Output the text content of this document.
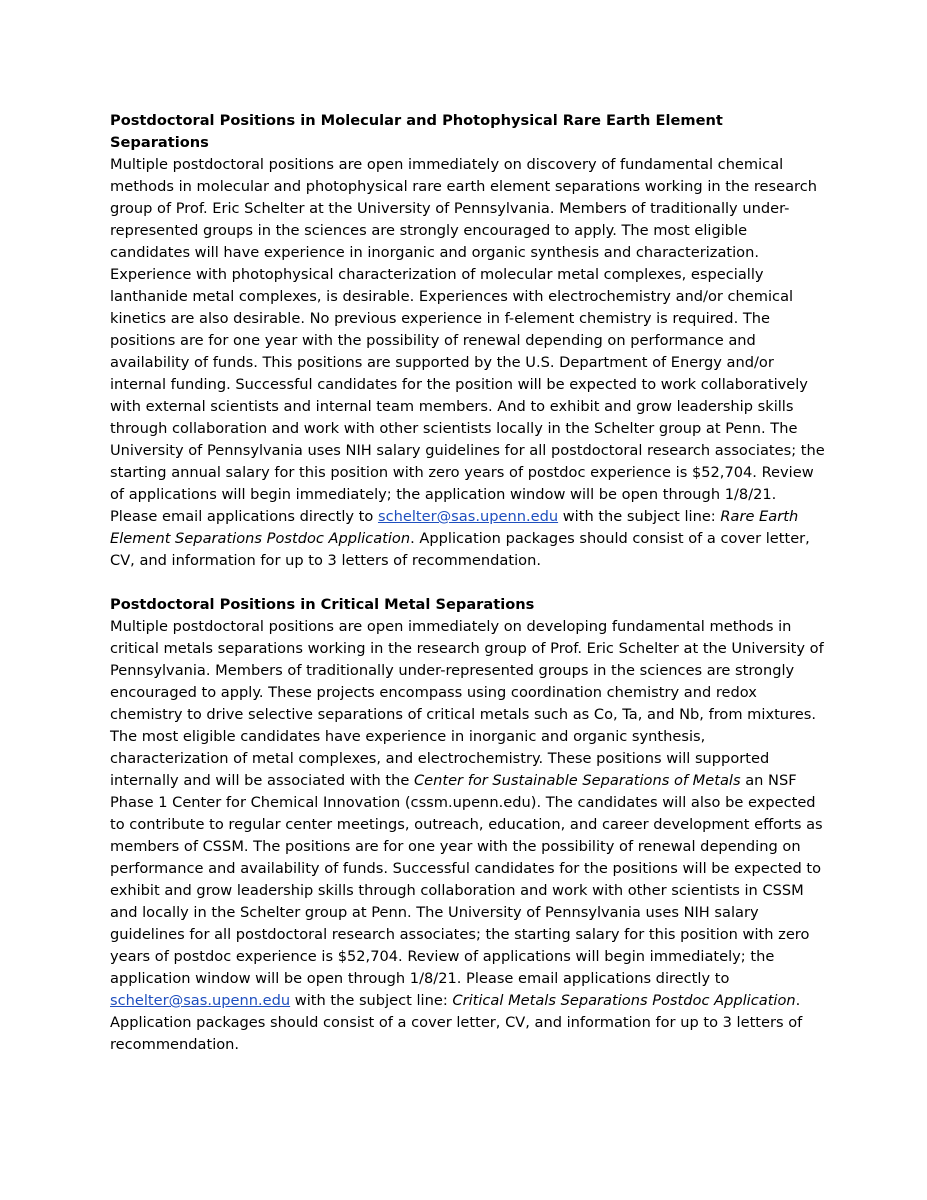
Postdoctoral Positions in Molecular and Photophysical Rare Earth Element Separations
Multiple postdoctoral positions are open immediately on discovery of fundamental chemical methods in molecular and photophysical rare earth element separations working in the research group of Prof. Eric Schelter at the University of Pennsylvania. Members of traditionally under-represented groups in the sciences are strongly encouraged to apply. The most eligible candidates will have experience in inorganic and organic synthesis and characterization. Experience with photophysical characterization of molecular metal complexes, especially lanthanide metal complexes, is desirable. Experiences with electrochemistry and/or chemical kinetics are also desirable. No previous experience in f-element chemistry is required. The positions are for one year with the possibility of renewal depending on performance and availability of funds. This positions are supported by the U.S. Department of Energy and/or internal funding. Successful candidates for the position will be expected to work collaboratively with external scientists and internal team members. And to exhibit and grow leadership skills through collaboration and work with other scientists locally in the Schelter group at Penn. The University of Pennsylvania uses NIH salary guidelines for all postdoctoral research associates; the starting annual salary for this position with zero years of postdoc experience is $52,704. Review of applications will begin immediately; the application window will be open through 1/8/21. Please email applications directly to schelter@sas.upenn.edu with the subject line: Rare Earth Element Separations Postdoc Application. Application packages should consist of a cover letter, CV, and information for up to 3 letters of recommendation.

Postdoctoral Positions in Critical Metal Separations
Multiple postdoctoral positions are open immediately on developing fundamental methods in critical metals separations working in the research group of Prof. Eric Schelter at the University of Pennsylvania. Members of traditionally under-represented groups in the sciences are strongly encouraged to apply. These projects encompass using coordination chemistry and redox chemistry to drive selective separations of critical metals such as Co, Ta, and Nb, from mixtures. The most eligible candidates have experience in inorganic and organic synthesis, characterization of metal complexes, and electrochemistry. These positions will supported internally and will be associated with the Center for Sustainable Separations of Metals an NSF Phase 1 Center for Chemical Innovation (cssm.upenn.edu). The candidates will also be expected to contribute to regular center meetings, outreach, education, and career development efforts as members of CSSM. The positions are for one year with the possibility of renewal depending on performance and availability of funds. Successful candidates for the positions will be expected to exhibit and grow leadership skills through collaboration and work with other scientists in CSSM and locally in the Schelter group at Penn. The University of Pennsylvania uses NIH salary guidelines for all postdoctoral research associates; the starting salary for this position with zero years of postdoc experience is $52,704. Review of applications will begin immediately; the application window will be open through 1/8/21. Please email applications directly to schelter@sas.upenn.edu with the subject line: Critical Metals Separations Postdoc Application. Application packages should consist of a cover letter, CV, and information for up to 3 letters of recommendation.
